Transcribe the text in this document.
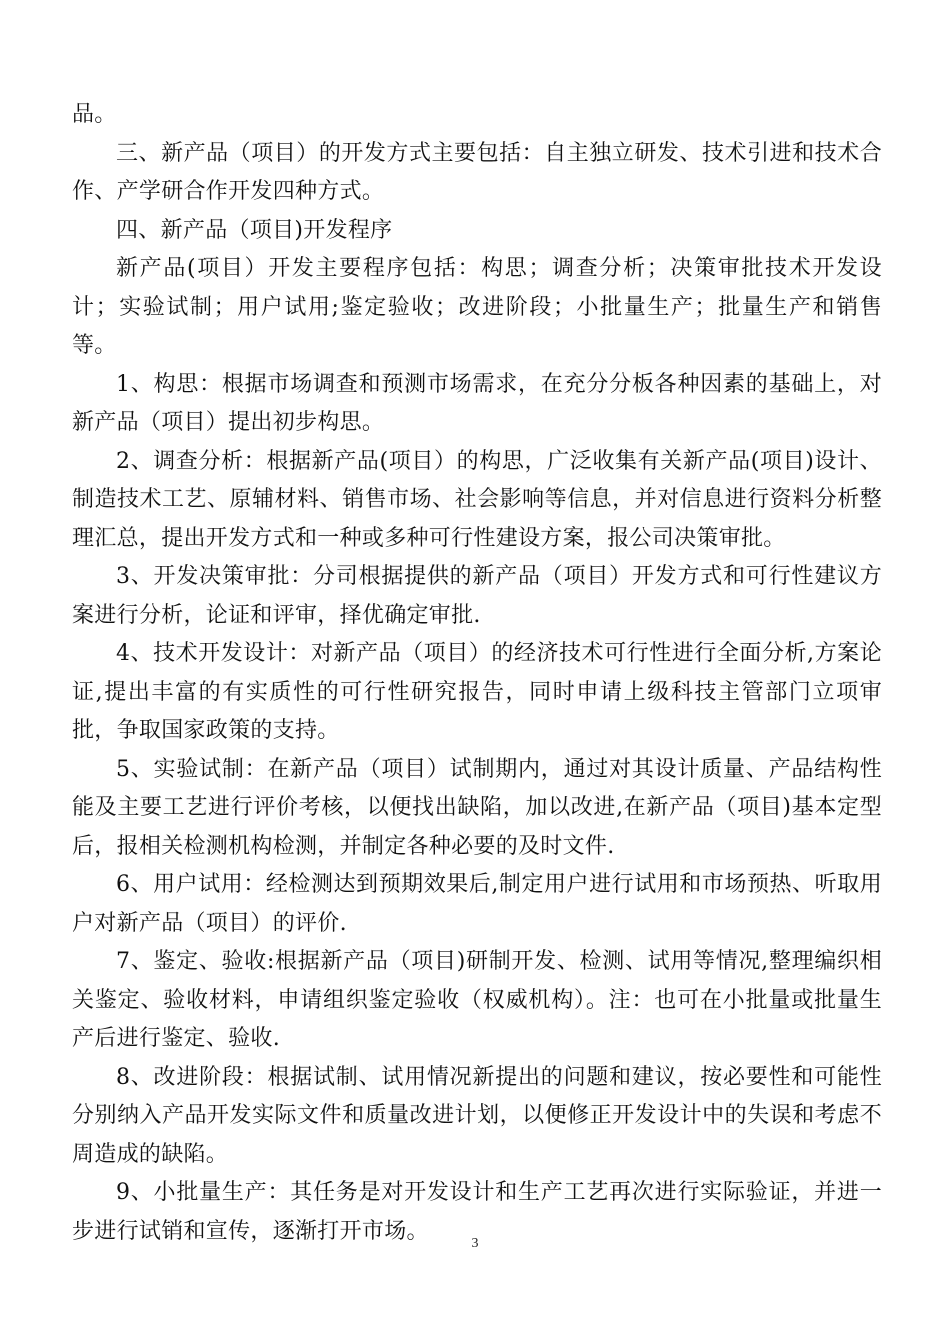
品。

三、新产品（项目）的开发方式主要包括：自主独立研发、技术引进和技术合作、产学研合作开发四种方式。

四、新产品（项目)开发程序

新产品(项目）开发主要程序包括：构思；调查分析；决策审批技术开发设计；实验试制；用户试用;鉴定验收；改进阶段；小批量生产；批量生产和销售等。

1、构思：根据市场调查和预测市场需求，在充分分板各种因素的基础上，对新产品（项目）提出初步构思。

2、调查分析：根据新产品(项目）的构思，广泛收集有关新产品(项目)设计、制造技术工艺、原辅材料、销售市场、社会影响等信息，并对信息进行资料分析整理汇总，提出开发方式和一种或多种可行性建设方案，报公司决策审批。

3、开发决策审批：分司根据提供的新产品（项目）开发方式和可行性建议方案进行分析，论证和评审，择优确定审批.

4、技术开发设计：对新产品（项目）的经济技术可行性进行全面分析,方案论证,提出丰富的有实质性的可行性研究报告，同时申请上级科技主管部门立项审批，争取国家政策的支持。

5、实验试制：在新产品（项目）试制期内，通过对其设计质量、产品结构性能及主要工艺进行评价考核，以便找出缺陷，加以改进,在新产品（项目)基本定型后，报相关检测机构检测，并制定各种必要的及时文件.

6、用户试用：经检测达到预期效果后,制定用户进行试用和市场预热、听取用户对新产品（项目）的评价.

7、鉴定、验收:根据新产品（项目)研制开发、检测、试用等情况,整理编织相关鉴定、验收材料，申请组织鉴定验收（权威机构）。注：也可在小批量或批量生产后进行鉴定、验收.

8、改进阶段：根据试制、试用情况新提出的问题和建议，按必要性和可能性分别纳入产品开发实际文件和质量改进计划，以便修正开发设计中的失误和考虑不周造成的缺陷。

9、小批量生产：其任务是对开发设计和生产工艺再次进行实际验证，并进一步进行试销和宣传，逐渐打开市场。	3
